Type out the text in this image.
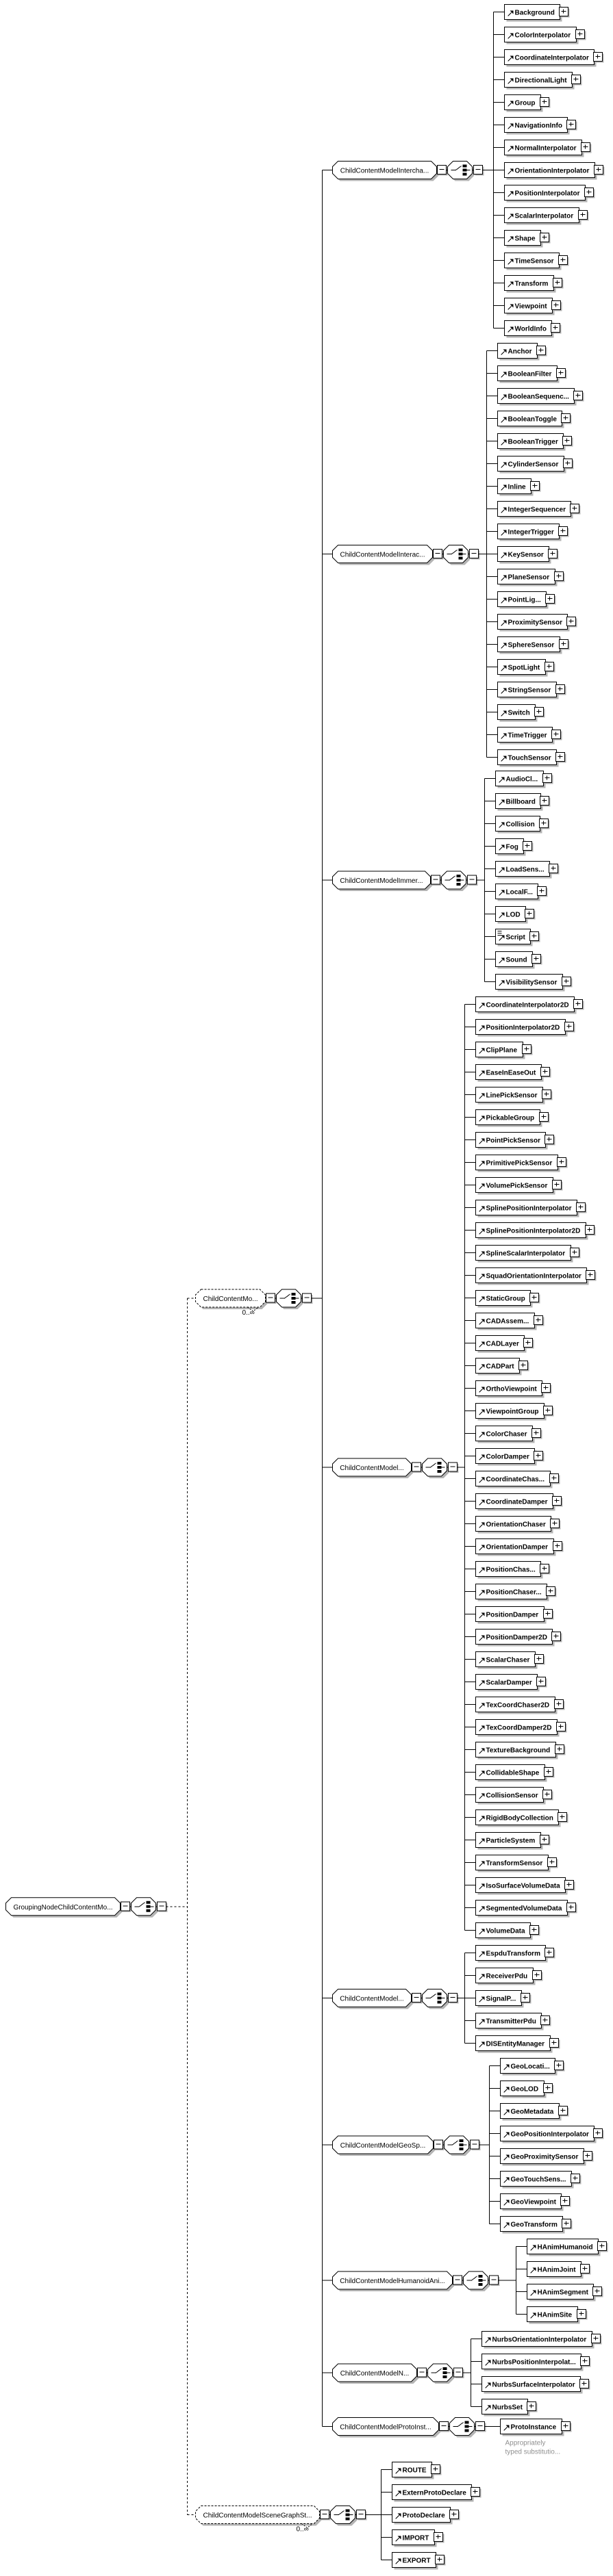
GroupingNodeChildContentMo...
ChildContentMo...
0..∞
ChildContentModelIntercha...
Background
ColorInterpolator
CoordinateInterpolator
DirectionalLight
Group
NavigationInfo
NormalInterpolator
OrientationInterpolator
PositionInterpolator
ScalarInterpolator
Shape
TimeSensor
Transform
Viewpoint
WorldInfo
ChildContentModelInterac...
Anchor
BooleanFilter
BooleanSequenc...
BooleanToggle
BooleanTrigger
CylinderSensor
Inline
IntegerSequencer
IntegerTrigger
KeySensor
PlaneSensor
PointLig...
ProximitySensor
SphereSensor
SpotLight
StringSensor
Switch
TimeTrigger
TouchSensor
ChildContentModelImmer...
AudioCl...
Billboard
Collision
Fog
LoadSens...
LocalF...
LOD
Script
Sound
VisibilitySensor
ChildContentModel...
CoordinateInterpolator2D
PositionInterpolator2D
ClipPlane
EaseInEaseOut
LinePickSensor
PickableGroup
PointPickSensor
PrimitivePickSensor
VolumePickSensor
SplinePositionInterpolator
SplinePositionInterpolator2D
SplineScalarInterpolator
SquadOrientationInterpolator
StaticGroup
CADAssem...
CADLayer
CADPart
OrthoViewpoint
ViewpointGroup
ColorChaser
ColorDamper
CoordinateChas...
CoordinateDamper
OrientationChaser
OrientationDamper
PositionChas...
PositionChaser...
PositionDamper
PositionDamper2D
ScalarChaser
ScalarDamper
TexCoordChaser2D
TexCoordDamper2D
TextureBackground
CollidableShape
CollisionSensor
RigidBodyCollection
ParticleSystem
TransformSensor
IsoSurfaceVolumeData
SegmentedVolumeData
VolumeData
ChildContentModel...
EspduTransform
ReceiverPdu
SignalP...
TransmitterPdu
DISEntityManager
ChildContentModelGeoSp...
GeoLocati...
GeoLOD
GeoMetadata
GeoPositionInterpolator
GeoProximitySensor
GeoTouchSens...
GeoViewpoint
GeoTransform
ChildContentModelHumanoidAni...
HAnimHumanoid
HAnimJoint
HAnimSegment
HAnimSite
ChildContentModelN...
NurbsOrientationInterpolator
NurbsPositionInterpolat...
NurbsSurfaceInterpolator
NurbsSet
ChildContentModelProtoInst...	ProtoInstance
Appropriately
typed substitutio...
ChildContentModelSceneGraphSt...
0..∞
ROUTE
ExternProtoDeclare
ProtoDeclare
IMPORT
EXPORT
